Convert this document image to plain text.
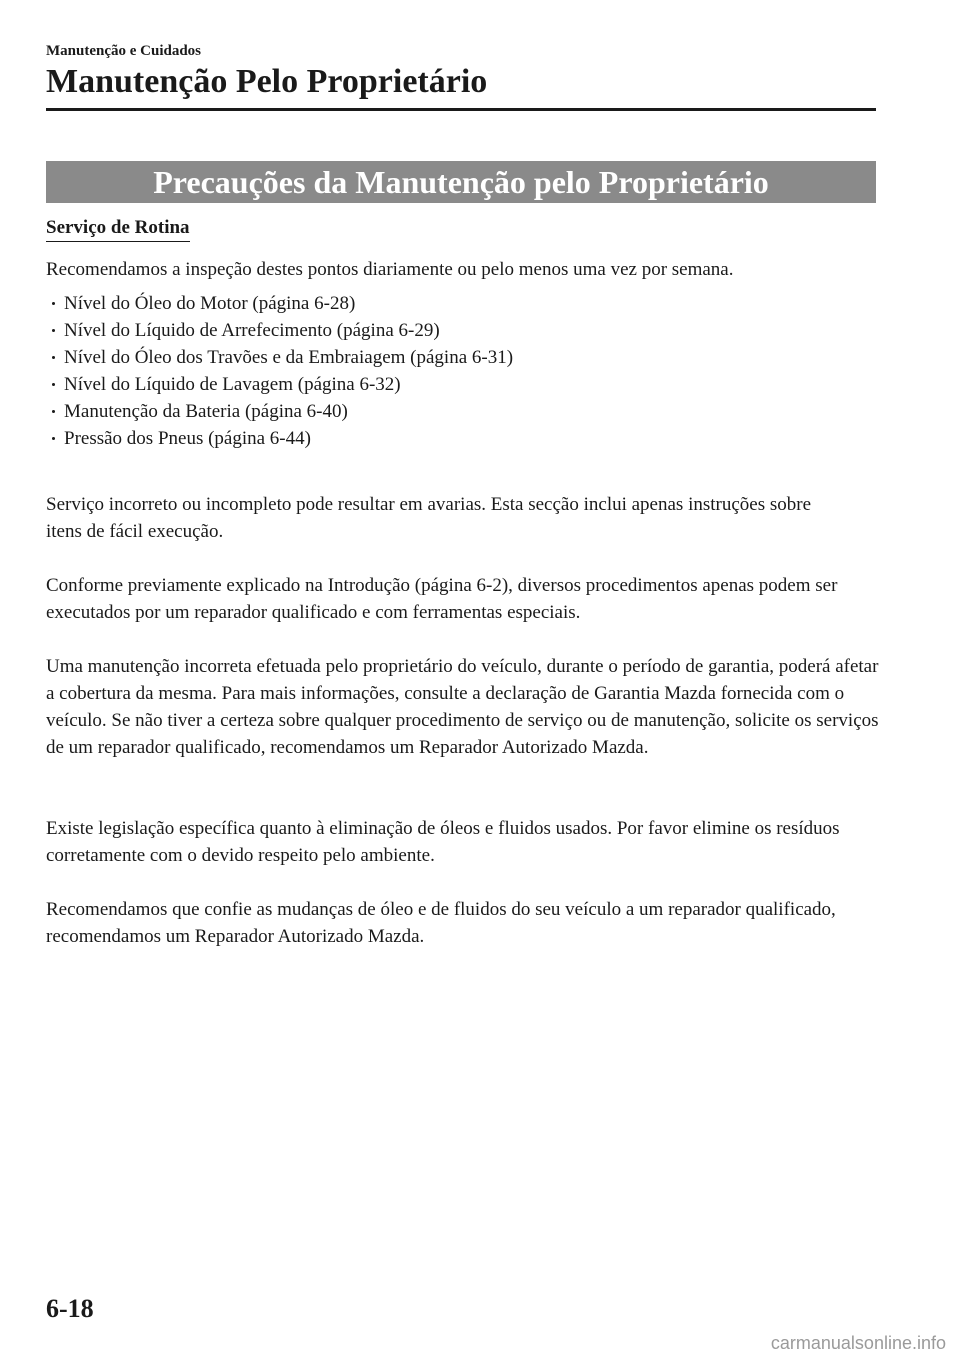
Manutenção e Cuidados
Manutenção Pelo Proprietário
Precauções da Manutenção pelo Proprietário
Serviço de Rotina

Recomendamos a inspeção destes pontos diariamente ou pelo menos uma vez por semana.

Nível do Óleo do Motor (página 6-28)
Nível do Líquido de Arrefecimento (página 6-29)
Nível do Óleo dos Travões e da Embraiagem (página 6-31)
Nível do Líquido de Lavagem (página 6-32)
Manutenção da Bateria (página 6-40)
Pressão dos Pneus (página 6-44)

Serviço incorreto ou incompleto pode resultar em avarias. Esta secção inclui apenas instruções sobre itens de fácil execução.

Conforme previamente explicado na Introdução (página 6-2), diversos procedimentos apenas podem ser executados por um reparador qualificado e com ferramentas especiais.

Uma manutenção incorreta efetuada pelo proprietário do veículo, durante o período de garantia, poderá afetar a cobertura da mesma. Para mais informações, consulte a declaração de Garantia Mazda fornecida com o veículo. Se não tiver a certeza sobre qualquer procedimento de serviço ou de manutenção, solicite os serviços de um reparador qualificado, recomendamos um Reparador Autorizado Mazda.

Existe legislação específica quanto à eliminação de óleos e fluidos usados. Por favor elimine os resíduos corretamente com o devido respeito pelo ambiente.

Recomendamos que confie as mudanças de óleo e de fluidos do seu veículo a um reparador qualificado, recomendamos um Reparador Autorizado Mazda.

6-18
carmanualsonline.info
